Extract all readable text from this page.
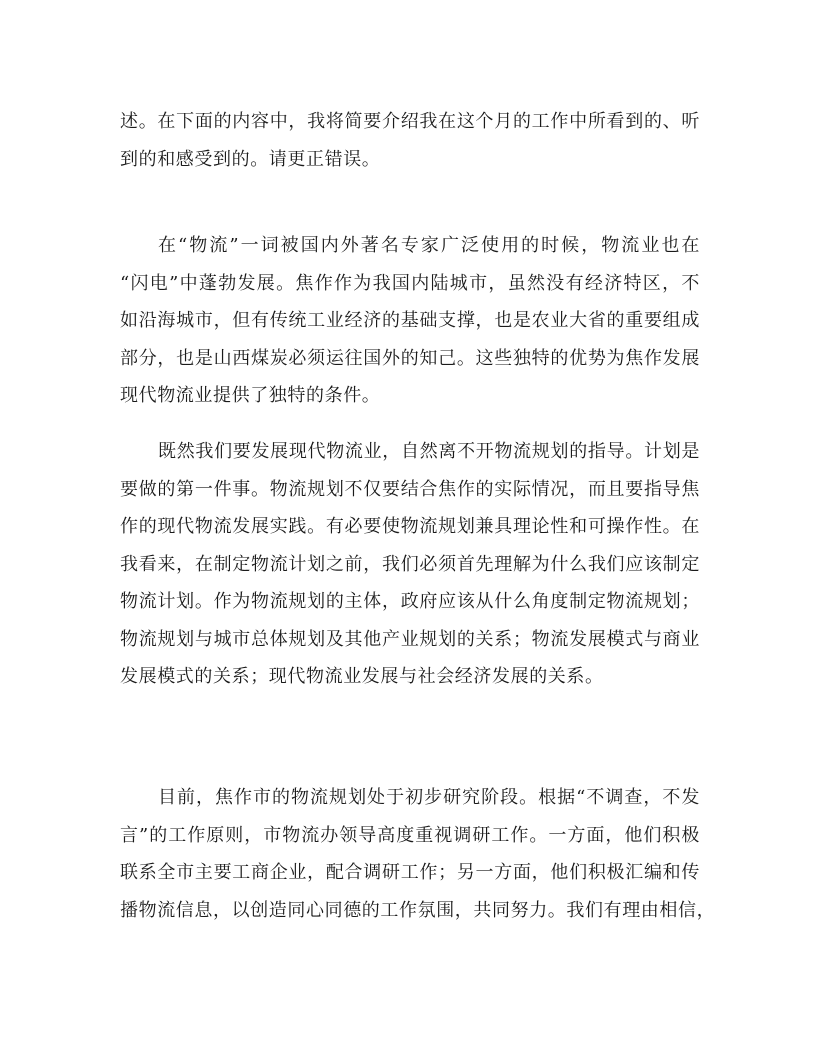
述。在下面的内容中，我将简要介绍我在这个月的工作中所看到的、听
到的和感受到的。请更正错误。
在“物流”一词被国内外著名专家广泛使用的时候，物流业也在
“闪电”中蓬勃发展。焦作作为我国内陆城市，虽然没有经济特区，不
如沿海城市，但有传统工业经济的基础支撑，也是农业大省的重要组成
部分，也是山西煤炭必须运往国外的知己。这些独特的优势为焦作发展
现代物流业提供了独特的条件。
既然我们要发展现代物流业，自然离不开物流规划的指导。计划是
要做的第一件事。物流规划不仅要结合焦作的实际情况，而且要指导焦
作的现代物流发展实践。有必要使物流规划兼具理论性和可操作性。在
我看来，在制定物流计划之前，我们必须首先理解为什么我们应该制定
物流计划。作为物流规划的主体，政府应该从什么角度制定物流规划；
物流规划与城市总体规划及其他产业规划的关系；物流发展模式与商业
发展模式的关系；现代物流业发展与社会经济发展的关系。
目前，焦作市的物流规划处于初步研究阶段。根据“不调查，不发
言”的工作原则，市物流办领导高度重视调研工作。一方面，他们积极
联系全市主要工商企业，配合调研工作；另一方面，他们积极汇编和传
播物流信息，以创造同心同德的工作氛围，共同努力。我们有理由相信，
